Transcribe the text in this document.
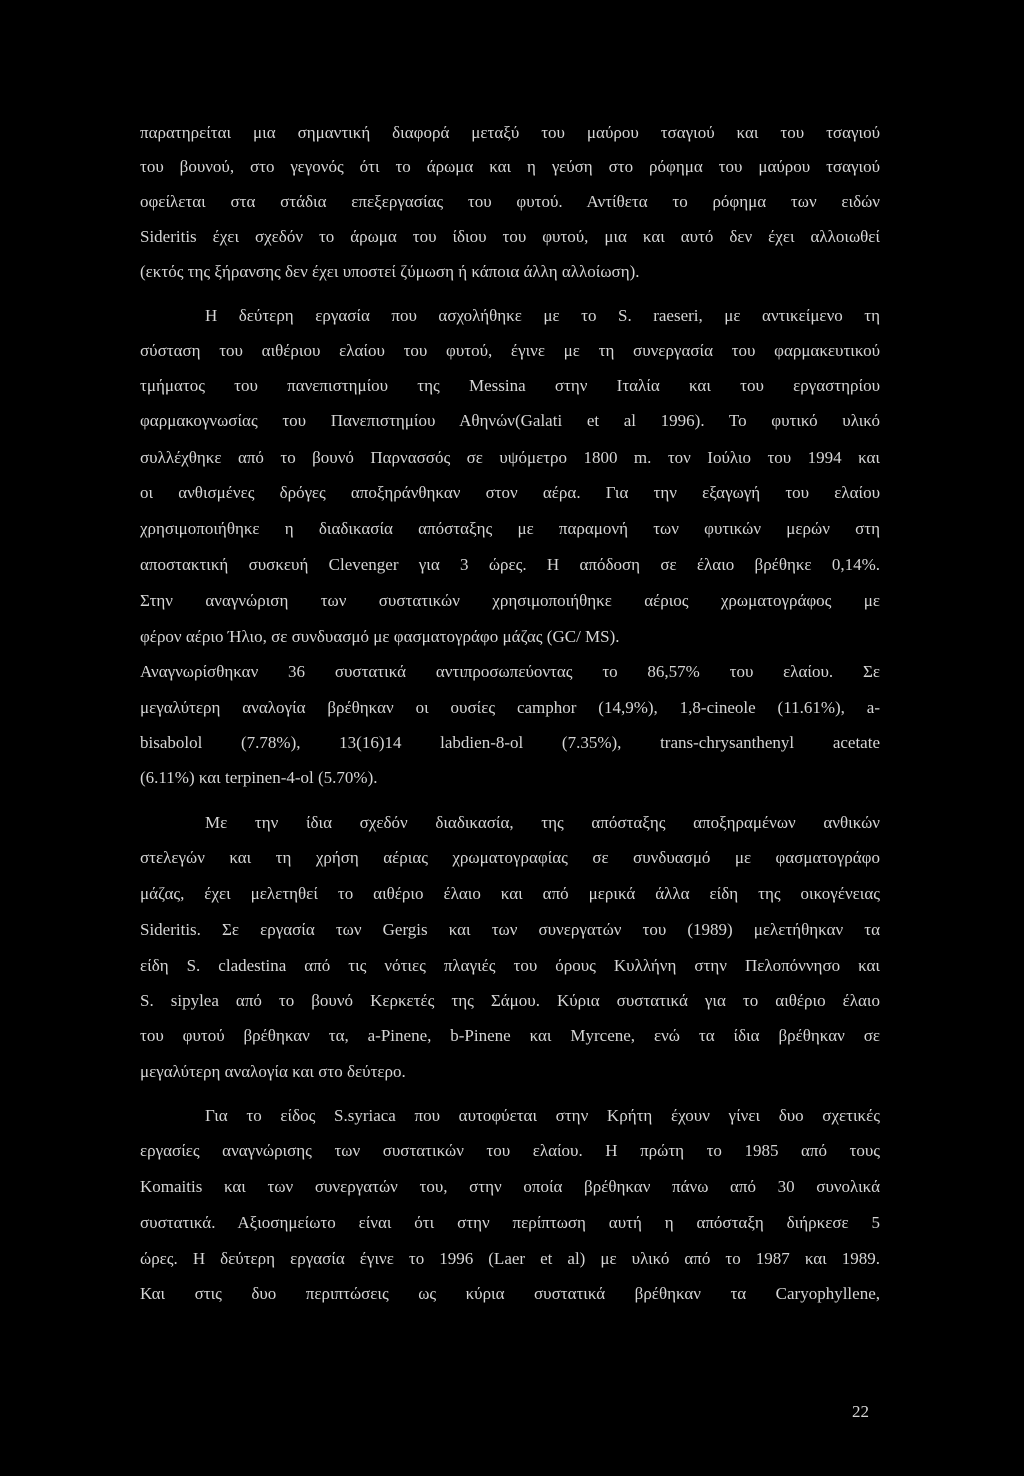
παρατηρείται μια σημαντική διαφορά μεταξύ του μαύρου τσαγιού και του τσαγιού
του βουνού, στο γεγονός ότι το άρωμα και η γεύση στο ρόφημα του μαύρου τσαγιού
οφείλεται στα στάδια επεξεργασίας του φυτού. Αντίθετα το ρόφημα των ειδών
Sideritis έχει σχεδόν το άρωμα του ίδιου του φυτού, μια και αυτό δεν έχει αλλοιωθεί
(εκτός της ξήρανσης δεν έχει υποστεί ζύμωση ή κάποια άλλη αλλοίωση).
Η δεύτερη εργασία που ασχολήθηκε με το S. raeseri, με αντικείμενο τη
σύσταση του αιθέριου ελαίου του φυτού, έγινε με τη συνεργασία του φαρμακευτικού
τμήματος του πανεπιστημίου της Messina στην Ιταλία και του εργαστηρίου
φαρμακογνωσίας του Πανεπιστημίου Αθηνών(Galati et al 1996). Το φυτικό υλικό
συλλέχθηκε από το βουνό Παρνασσός σε υψόμετρο 1800 m. τον Ιούλιο του 1994 και
οι ανθισμένες δρόγες αποξηράνθηκαν στον αέρα. Για την εξαγωγή του ελαίου
χρησιμοποιήθηκε η διαδικασία απόσταξης με παραμονή των φυτικών μερών στη
αποστακτική συσκευή Clevenger για 3 ώρες. Η απόδοση σε έλαιο βρέθηκε 0,14%.
Στην αναγνώριση των συστατικών χρησιμοποιήθηκε αέριος χρωματογράφος με
φέρον αέριο Ήλιο, σε συνδυασμό με φασματογράφο μάζας (GC/ MS).
Αναγνωρίσθηκαν 36 συστατικά αντιπροσωπεύοντας το 86,57% του ελαίου. Σε
μεγαλύτερη αναλογία βρέθηκαν οι ουσίες camphor (14,9%), 1,8-cineole (11.61%), a-
bisabolol (7.78%), 13(16)14 labdien-8-ol (7.35%), trans-chrysanthenyl acetate
(6.11%) και terpinen-4-ol (5.70%).
Με την ίδια σχεδόν διαδικασία, της απόσταξης αποξηραμένων ανθικών
στελεγών και τη χρήση αέριας χρωματογραφίας σε συνδυασμό με φασματογράφο
μάζας, έχει μελετηθεί το αιθέριο έλαιο και από μερικά άλλα είδη της οικογένειας
Sideritis. Σε εργασία των Gergis και των συνεργατών του (1989) μελετήθηκαν τα
είδη S. cladestina από τις νότιες πλαγιές του όρους Κυλλήνη στην Πελοπόννησο και
S. sipylea από το βουνό Κερκετές της Σάμου. Κύρια συστατικά για το αιθέριο έλαιο
του φυτού βρέθηκαν τα, a-Pinene, b-Pinene και Myrcene, ενώ τα ίδια βρέθηκαν σε
μεγαλύτερη αναλογία και στο δεύτερο.
Για το είδος S.syriaca που αυτοφύεται στην Κρήτη έχουν γίνει δυο σχετικές
εργασίες αναγνώρισης των συστατικών του ελαίου. Η πρώτη το 1985 από τους
Komaitis και των συνεργατών του, στην οποία βρέθηκαν πάνω από 30 συνολικά
συστατικά. Αξιοσημείωτο είναι ότι στην περίπτωση αυτή η απόσταξη διήρκεσε 5
ώρες. Η δεύτερη εργασία έγινε το 1996 (Laer et al) με υλικό από το 1987 και 1989.
Και στις δυο περιπτώσεις ως κύρια συστατικά βρέθηκαν τα Caryophyllene,
22
